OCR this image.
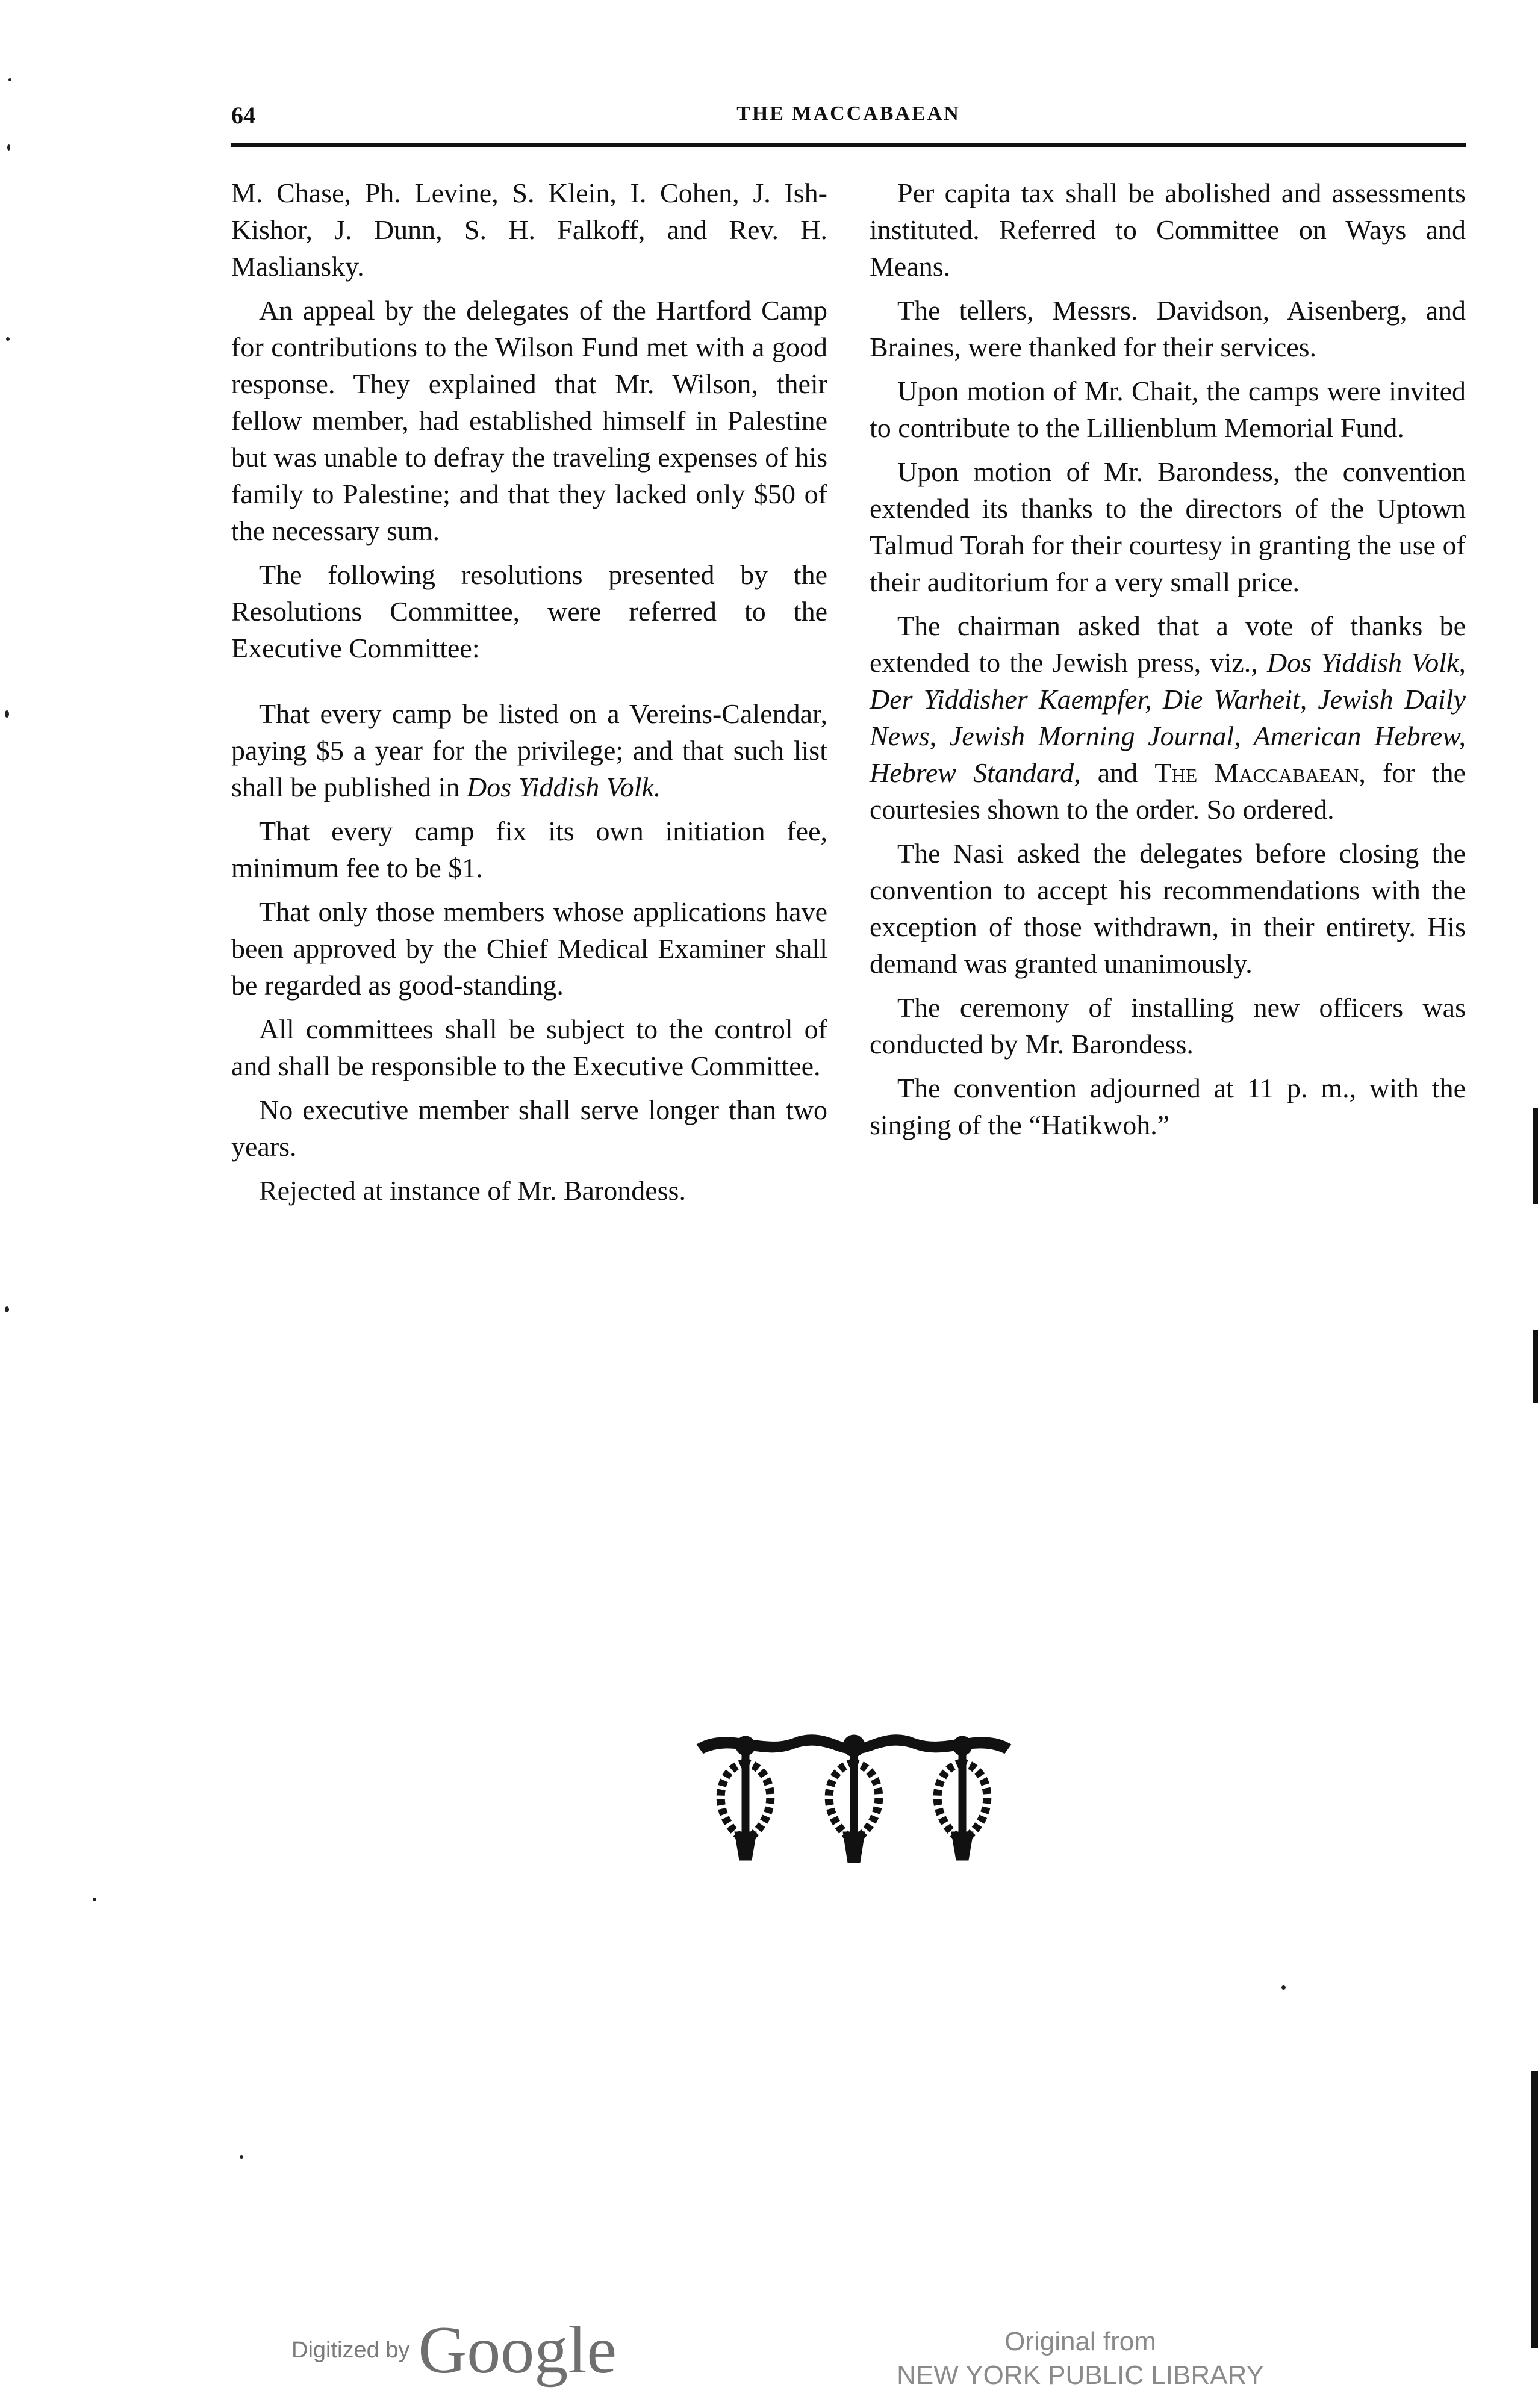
64	THE MACCABAEAN

M. Chase, Ph. Levine, S. Klein, I. Cohen, J. Ish-Kishor, J. Dunn, S. H. Falkoff, and Rev. H. Masliansky.

An appeal by the delegates of the Hartford Camp for contributions to the Wilson Fund met with a good response. They explained that Mr. Wilson, their fellow member, had established himself in Palestine but was unable to defray the traveling expenses of his family to Palestine; and that they lacked only $50 of the necessary sum.

The following resolutions presented by the Resolutions Committee, were referred to the Executive Committee:

That every camp be listed on a Vereins-Calendar, paying $5 a year for the privilege; and that such list shall be published in Dos Yiddish Volk.

That every camp fix its own initiation fee, minimum fee to be $1.

That only those members whose applications have been approved by the Chief Medical Examiner shall be regarded as good-standing.

All committees shall be subject to the control of and shall be responsible to the Executive Committee.

No executive member shall serve longer than two years.

Rejected at instance of Mr. Barondess.

Per capita tax shall be abolished and assessments instituted. Referred to Committee on Ways and Means.

The tellers, Messrs. Davidson, Aisenberg, and Braines, were thanked for their services.

Upon motion of Mr. Chait, the camps were invited to contribute to the Lillienblum Memorial Fund.

Upon motion of Mr. Barondess, the convention extended its thanks to the directors of the Uptown Talmud Torah for their courtesy in granting the use of their auditorium for a very small price.

The chairman asked that a vote of thanks be extended to the Jewish press, viz., Dos Yiddish Volk, Der Yiddisher Kaempfer, Die Warheit, Jewish Daily News, Jewish Morning Journal, American Hebrew, Hebrew Standard, and The Maccabaean, for the courtesies shown to the order. So ordered.

The Nasi asked the delegates before closing the convention to accept his recommendations with the exception of those withdrawn, in their entirety. His demand was granted unanimously.

The ceremony of installing new officers was conducted by Mr. Barondess.

The convention adjourned at 11 p. m., with the singing of the “Hatikwoh.”

Digitized by Google	Original from
NEW YORK PUBLIC LIBRARY
